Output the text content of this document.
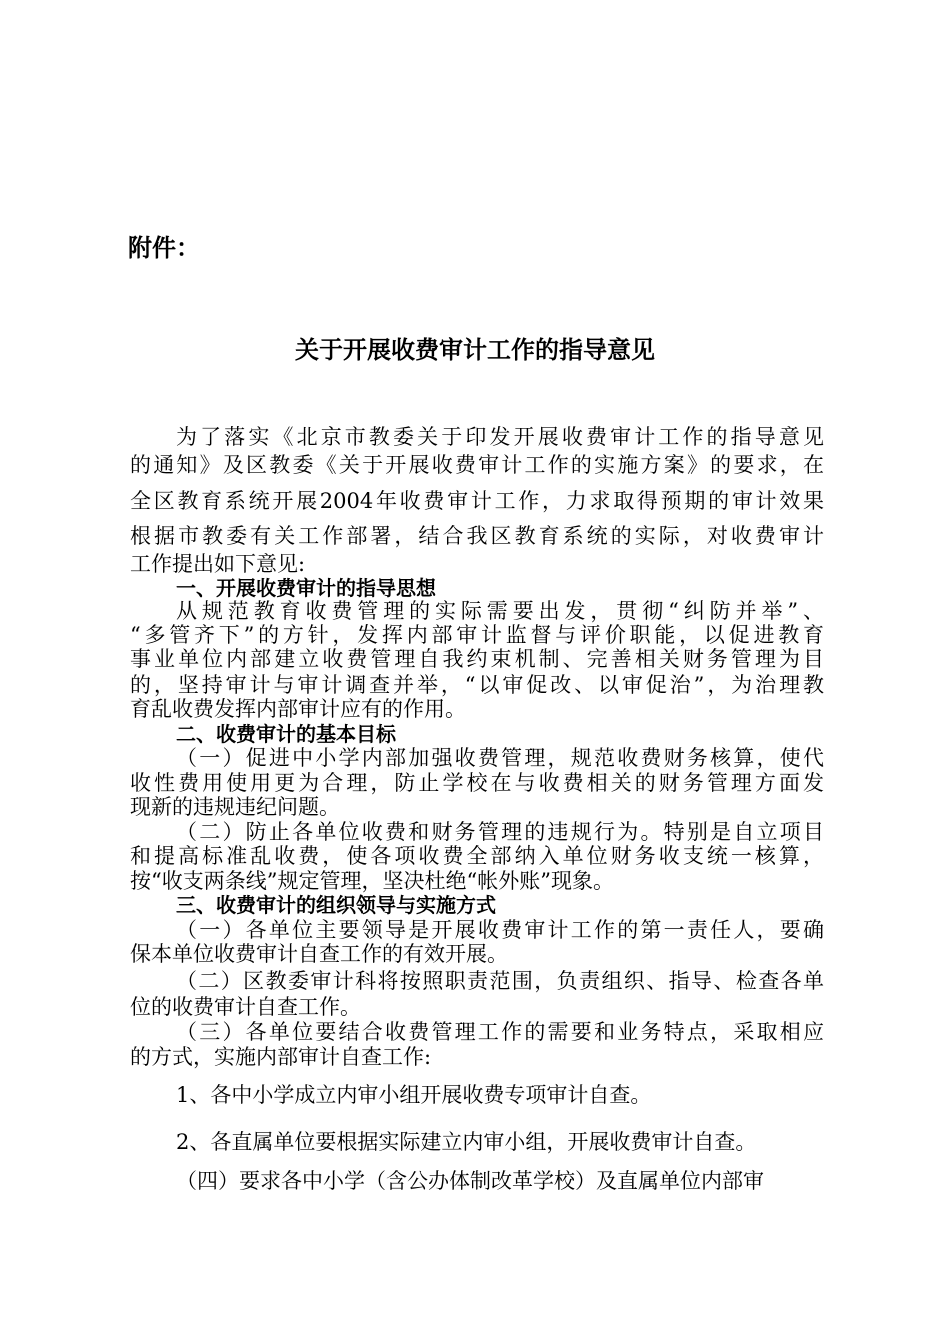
附件：
关于开展收费审计工作的指导意见
为了落实《北京市教委关于印发开展收费审计工作的指导意见
的通知》及区教委《关于开展收费审计工作的实施方案》的要求，在
全区教育系统开展2004年收费审计工作，力求取得预期的审计效果
根据市教委有关工作部署，结合我区教育系统的实际，对收费审计
工作提出如下意见:
一、开展收费审计的指导思想
从规范教育收费管理的实际需要出发，贯彻“纠防并举”、
“多管齐下”的方针，发挥内部审计监督与评价职能，以促进教育
事业单位内部建立收费管理自我约束机制、完善相关财务管理为目
的，坚持审计与审计调查并举，“以审促改、以审促治”，为治理教
育乱收费发挥内部审计应有的作用。
二、收费审计的基本目标
（一）促进中小学内部加强收费管理，规范收费财务核算，使代
收性费用使用更为合理，防止学校在与收费相关的财务管理方面发
现新的违规违纪问题。
（二）防止各单位收费和财务管理的违规行为。特别是自立项目
和提高标准乱收费，使各项收费全部纳入单位财务收支统一核算，
按“收支两条线”规定管理，坚决杜绝“帐外账”现象。
三、收费审计的组织领导与实施方式
（一）各单位主要领导是开展收费审计工作的第一责任人，要确
保本单位收费审计自查工作的有效开展。
（二）区教委审计科将按照职责范围，负责组织、指导、检查各单
位的收费审计自查工作。
（三）各单位要结合收费管理工作的需要和业务特点，采取相应
的方式，实施内部审计自查工作:
1、各中小学成立内审小组开展收费专项审计自查。
2、各直属单位要根据实际建立内审小组，开展收费审计自查。
（四）要求各中小学（含公办体制改革学校）及直属单位内部审
